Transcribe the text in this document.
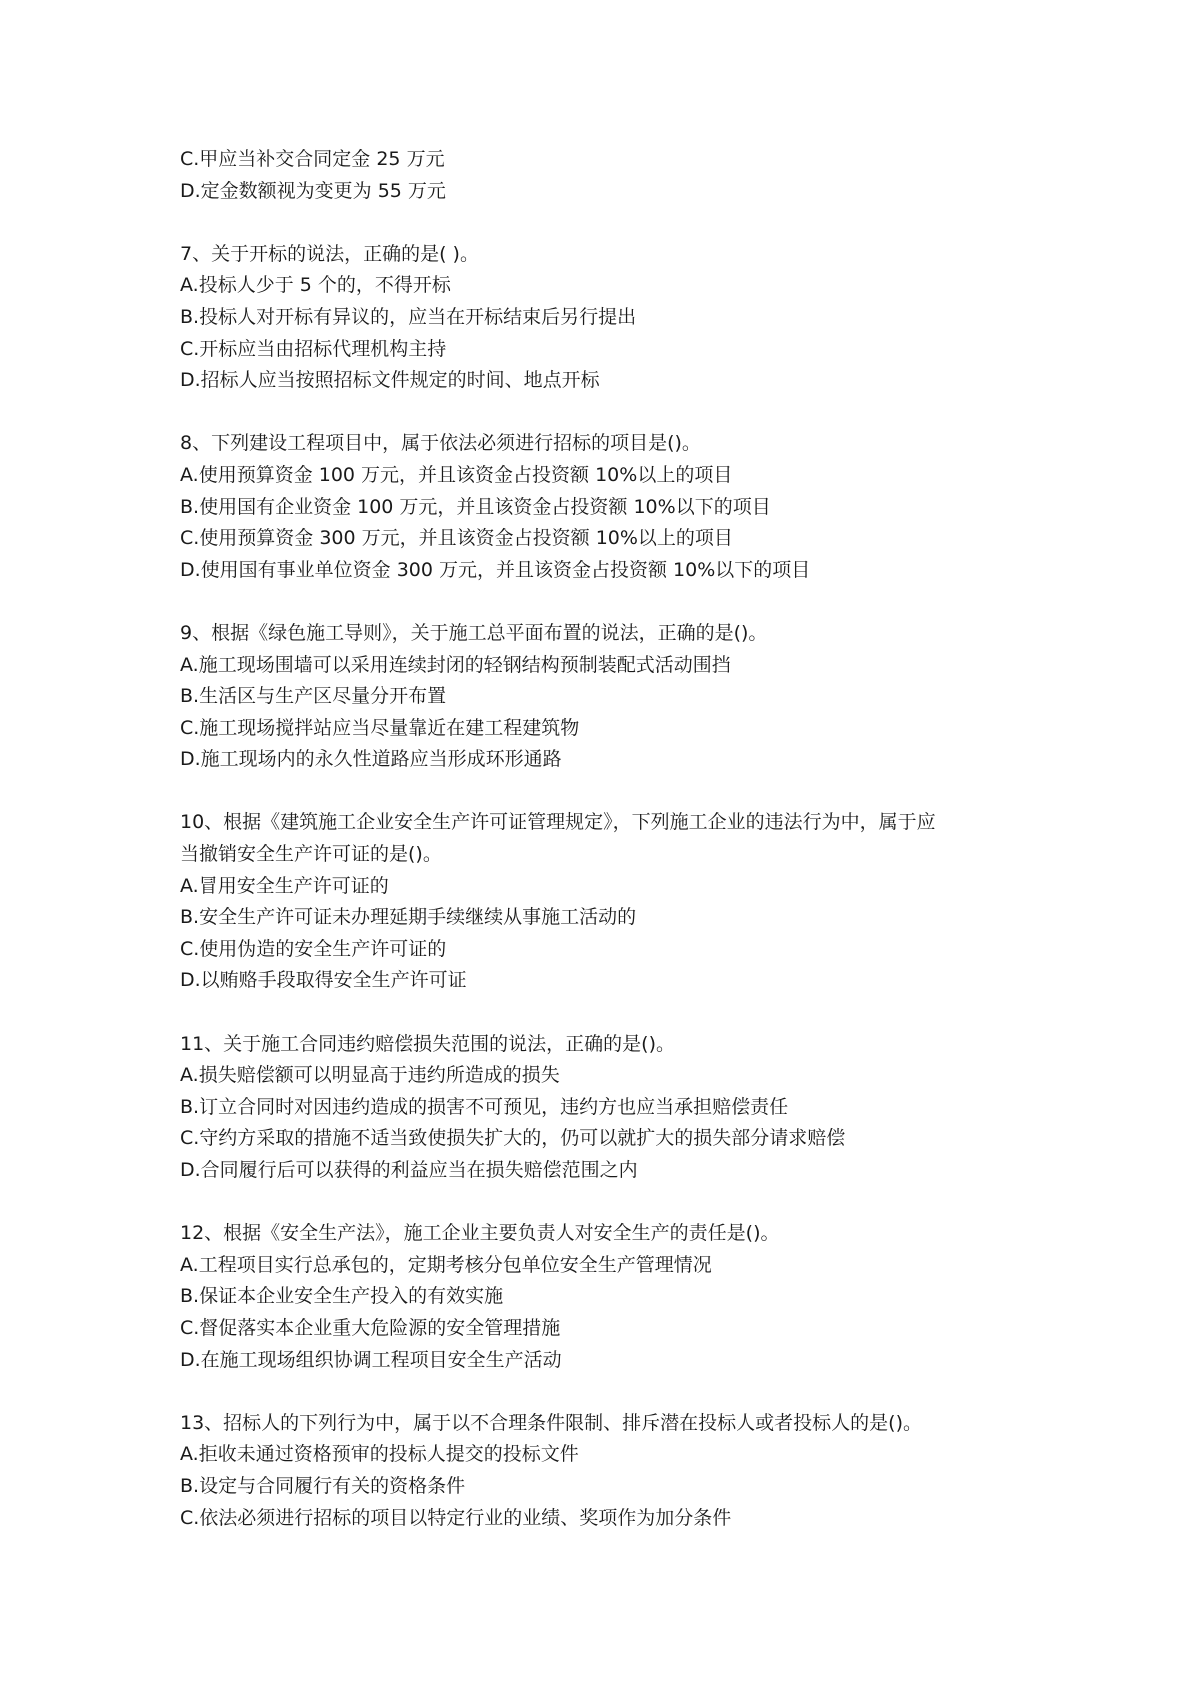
C.甲应当补交合同定金 25 万元

D.定金数额视为变更为 55 万元

7、关于开标的说法，正确的是( )。

A.投标人少于 5 个的，不得开标

B.投标人对开标有异议的，应当在开标结束后另行提出

C.开标应当由招标代理机构主持

D.招标人应当按照招标文件规定的时间、地点开标

8、下列建设工程项目中，属于依法必须进行招标的项目是()。

A.使用预算资金 100 万元，并且该资金占投资额 10%以上的项目

B.使用国有企业资金 100 万元，并且该资金占投资额 10%以下的项目

C.使用预算资金 300 万元，并且该资金占投资额 10%以上的项目

D.使用国有事业单位资金 300 万元，并且该资金占投资额 10%以下的项目

9、根据《绿色施工导则》，关于施工总平面布置的说法，正确的是()。

A.施工现场围墙可以采用连续封闭的轻钢结构预制装配式活动围挡

B.生活区与生产区尽量分开布置

C.施工现场搅拌站应当尽量靠近在建工程建筑物

D.施工现场内的永久性道路应当形成环形通路

10、根据《建筑施工企业安全生产许可证管理规定》，下列施工企业的违法行为中，属于应

当撤销安全生产许可证的是()。

A.冒用安全生产许可证的

B.安全生产许可证未办理延期手续继续从事施工活动的

C.使用伪造的安全生产许可证的

D.以贿赂手段取得安全生产许可证

11、关于施工合同违约赔偿损失范围的说法，正确的是()。

A.损失赔偿额可以明显高于违约所造成的损失

B.订立合同时对因违约造成的损害不可预见，违约方也应当承担赔偿责任

C.守约方采取的措施不适当致使损失扩大的，仍可以就扩大的损失部分请求赔偿

D.合同履行后可以获得的利益应当在损失赔偿范围之内

12、根据《安全生产法》，施工企业主要负责人对安全生产的责任是()。

A.工程项目实行总承包的，定期考核分包单位安全生产管理情况

B.保证本企业安全生产投入的有效实施

C.督促落实本企业重大危险源的安全管理措施

D.在施工现场组织协调工程项目安全生产活动

13、招标人的下列行为中，属于以不合理条件限制、排斥潜在投标人或者投标人的是()。

A.拒收未通过资格预审的投标人提交的投标文件

B.设定与合同履行有关的资格条件

C.依法必须进行招标的项目以特定行业的业绩、奖项作为加分条件
